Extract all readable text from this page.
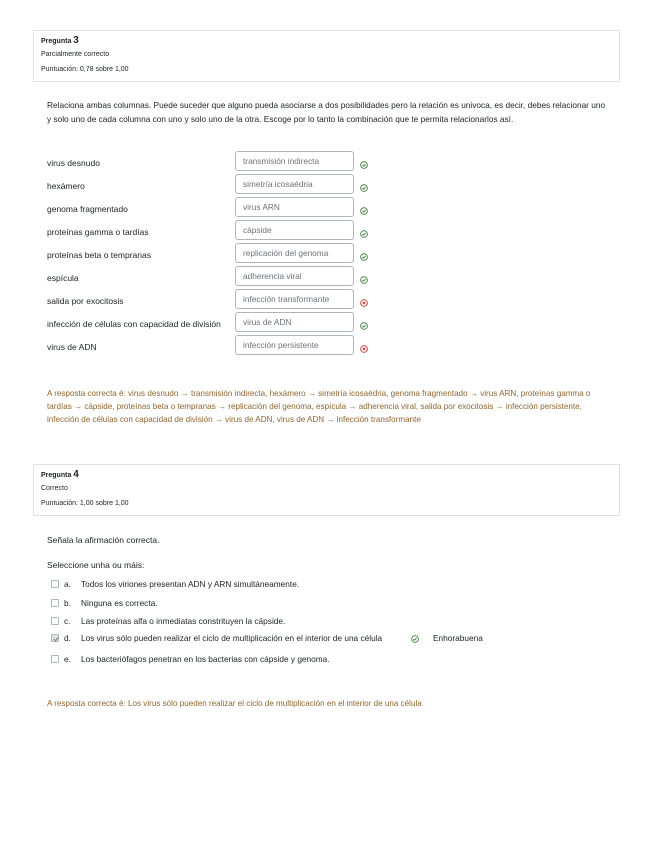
Pregunta 3
Parcialmente correcto
Puntuación: 0,78 sobre 1,00
Relaciona ambas columnas. Puede suceder que alguno pueda asociarse a dos posibilidades pero la relación es univoca, es decir, debes relacionar uno y solo uno de cada columna con uno y solo uno de la otra. Escoge por lo tanto la combinación que te permita relacionarlos así.
virus desnudo	transmisión indirecta
hexámero	simetría icosaédria
genoma fragmentado	virus ARN
proteínas gamma o tardías	cápside
proteínas beta o tempranas	replicación del genoma
espícula	adherencia viral
salida por exocitosis	infección transformante
infección de células con capacidad de división	virus de ADN
virus de ADN	infección persistente
A resposta correcta é: virus desnudo → transmisión indirecta, hexámero → simetría icosaédria, genoma fragmentado → virus ARN, proteínas gamma o tardías → cápside, proteínas beta o tempranas → replicación del genoma, espícula → adherencia viral, salida por exocitosis → infección persistente, infección de células con capacidad de división → virus de ADN, virus de ADN → infección transformante
Pregunta 4
Correcto
Puntuación: 1,00 sobre 1,00
Señala la afirmación correcta.
Seleccione unha ou máis:
a. Todos los viriones presentan ADN y ARN simultáneamente.
b. Ninguna es correcta.
c. Las proteínas alfa o inmediatas constrituyen la cápside.
d. Los virus sólo pueden realizar el ciclo de multiplicación en el interior de una célula	Enhorabuena
e. Los bacteriófagos penetran en los bacterias con cápside y genoma.
A resposta correcta é: Los virus sólo pueden realizar el ciclo de multiplicación en el interior de una célula
